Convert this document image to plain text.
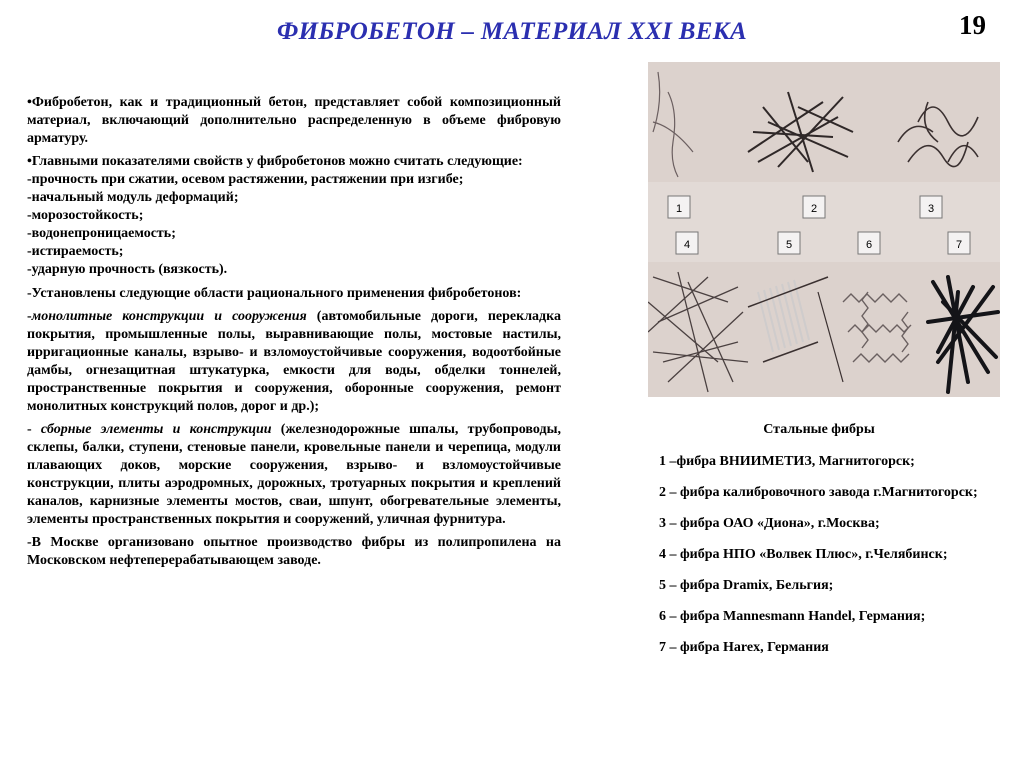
ФИБРОБЕТОН – МАТЕРИАЛ XXI ВЕКА	19

•Фибробетон, как и традиционный бетон, представляет собой композиционный материал, включающий дополнительно распределенную в объеме фибровую арматуру.

•Главными показателями свойств у фибробетонов можно считать следующие:

-прочность при сжатии, осевом растяжении, растяжении при изгибе;
-начальный модуль деформаций;
-морозостойкость;
-водонепроницаемость;
-истираемость;
-ударную прочность (вязкость).

-Установлены следующие области рационального применения фибробетонов:

-монолитные конструкции и сооружения (автомобильные дороги, перекладка покрытия, промышленные полы, выравнивающие полы, мостовые настилы, ирригационные каналы, взрыво- и взломоустойчивые сооружения, водоотбойные дамбы, огнезащитная штукатурка, емкости для воды, обделки тоннелей, пространственные покрытия и сооружения, оборонные сооружения, ремонт монолитных конструкций полов, дорог и др.);

- сборные элементы и конструкции (железнодорожные шпалы, трубопроводы, склепы, балки, ступени, стеновые панели, кровельные панели и черепица, модули плавающих доков, морские сооружения, взрыво- и взломоустойчивые конструкции, плиты аэродромных, дорожных, тротуарных покрытия и креплений каналов, карнизные элементы мостов, сваи, шпунт, обогревательные элементы, элементы пространственных покрытия и сооружений, уличная фурнитура.

-В Москве организовано опытное производство фибры из полипропилена на Московском нефтеперерабатывающем заводе.

1	2	3
4	5	6	7
Стальные фибры

1 –фибра ВНИИМЕТИЗ, Магнитогорск;

2 – фибра калибровочного завода г.Магнитогорск;

3 – фибра ОАО «Диона», г.Москва;

4 – фибра НПО «Волвек Плюс», г.Челябинск;

5 – фибра Dramix, Бельгия;

6 – фибра Mannesmann Handel, Германия;

7 – фибра Harex, Германия
